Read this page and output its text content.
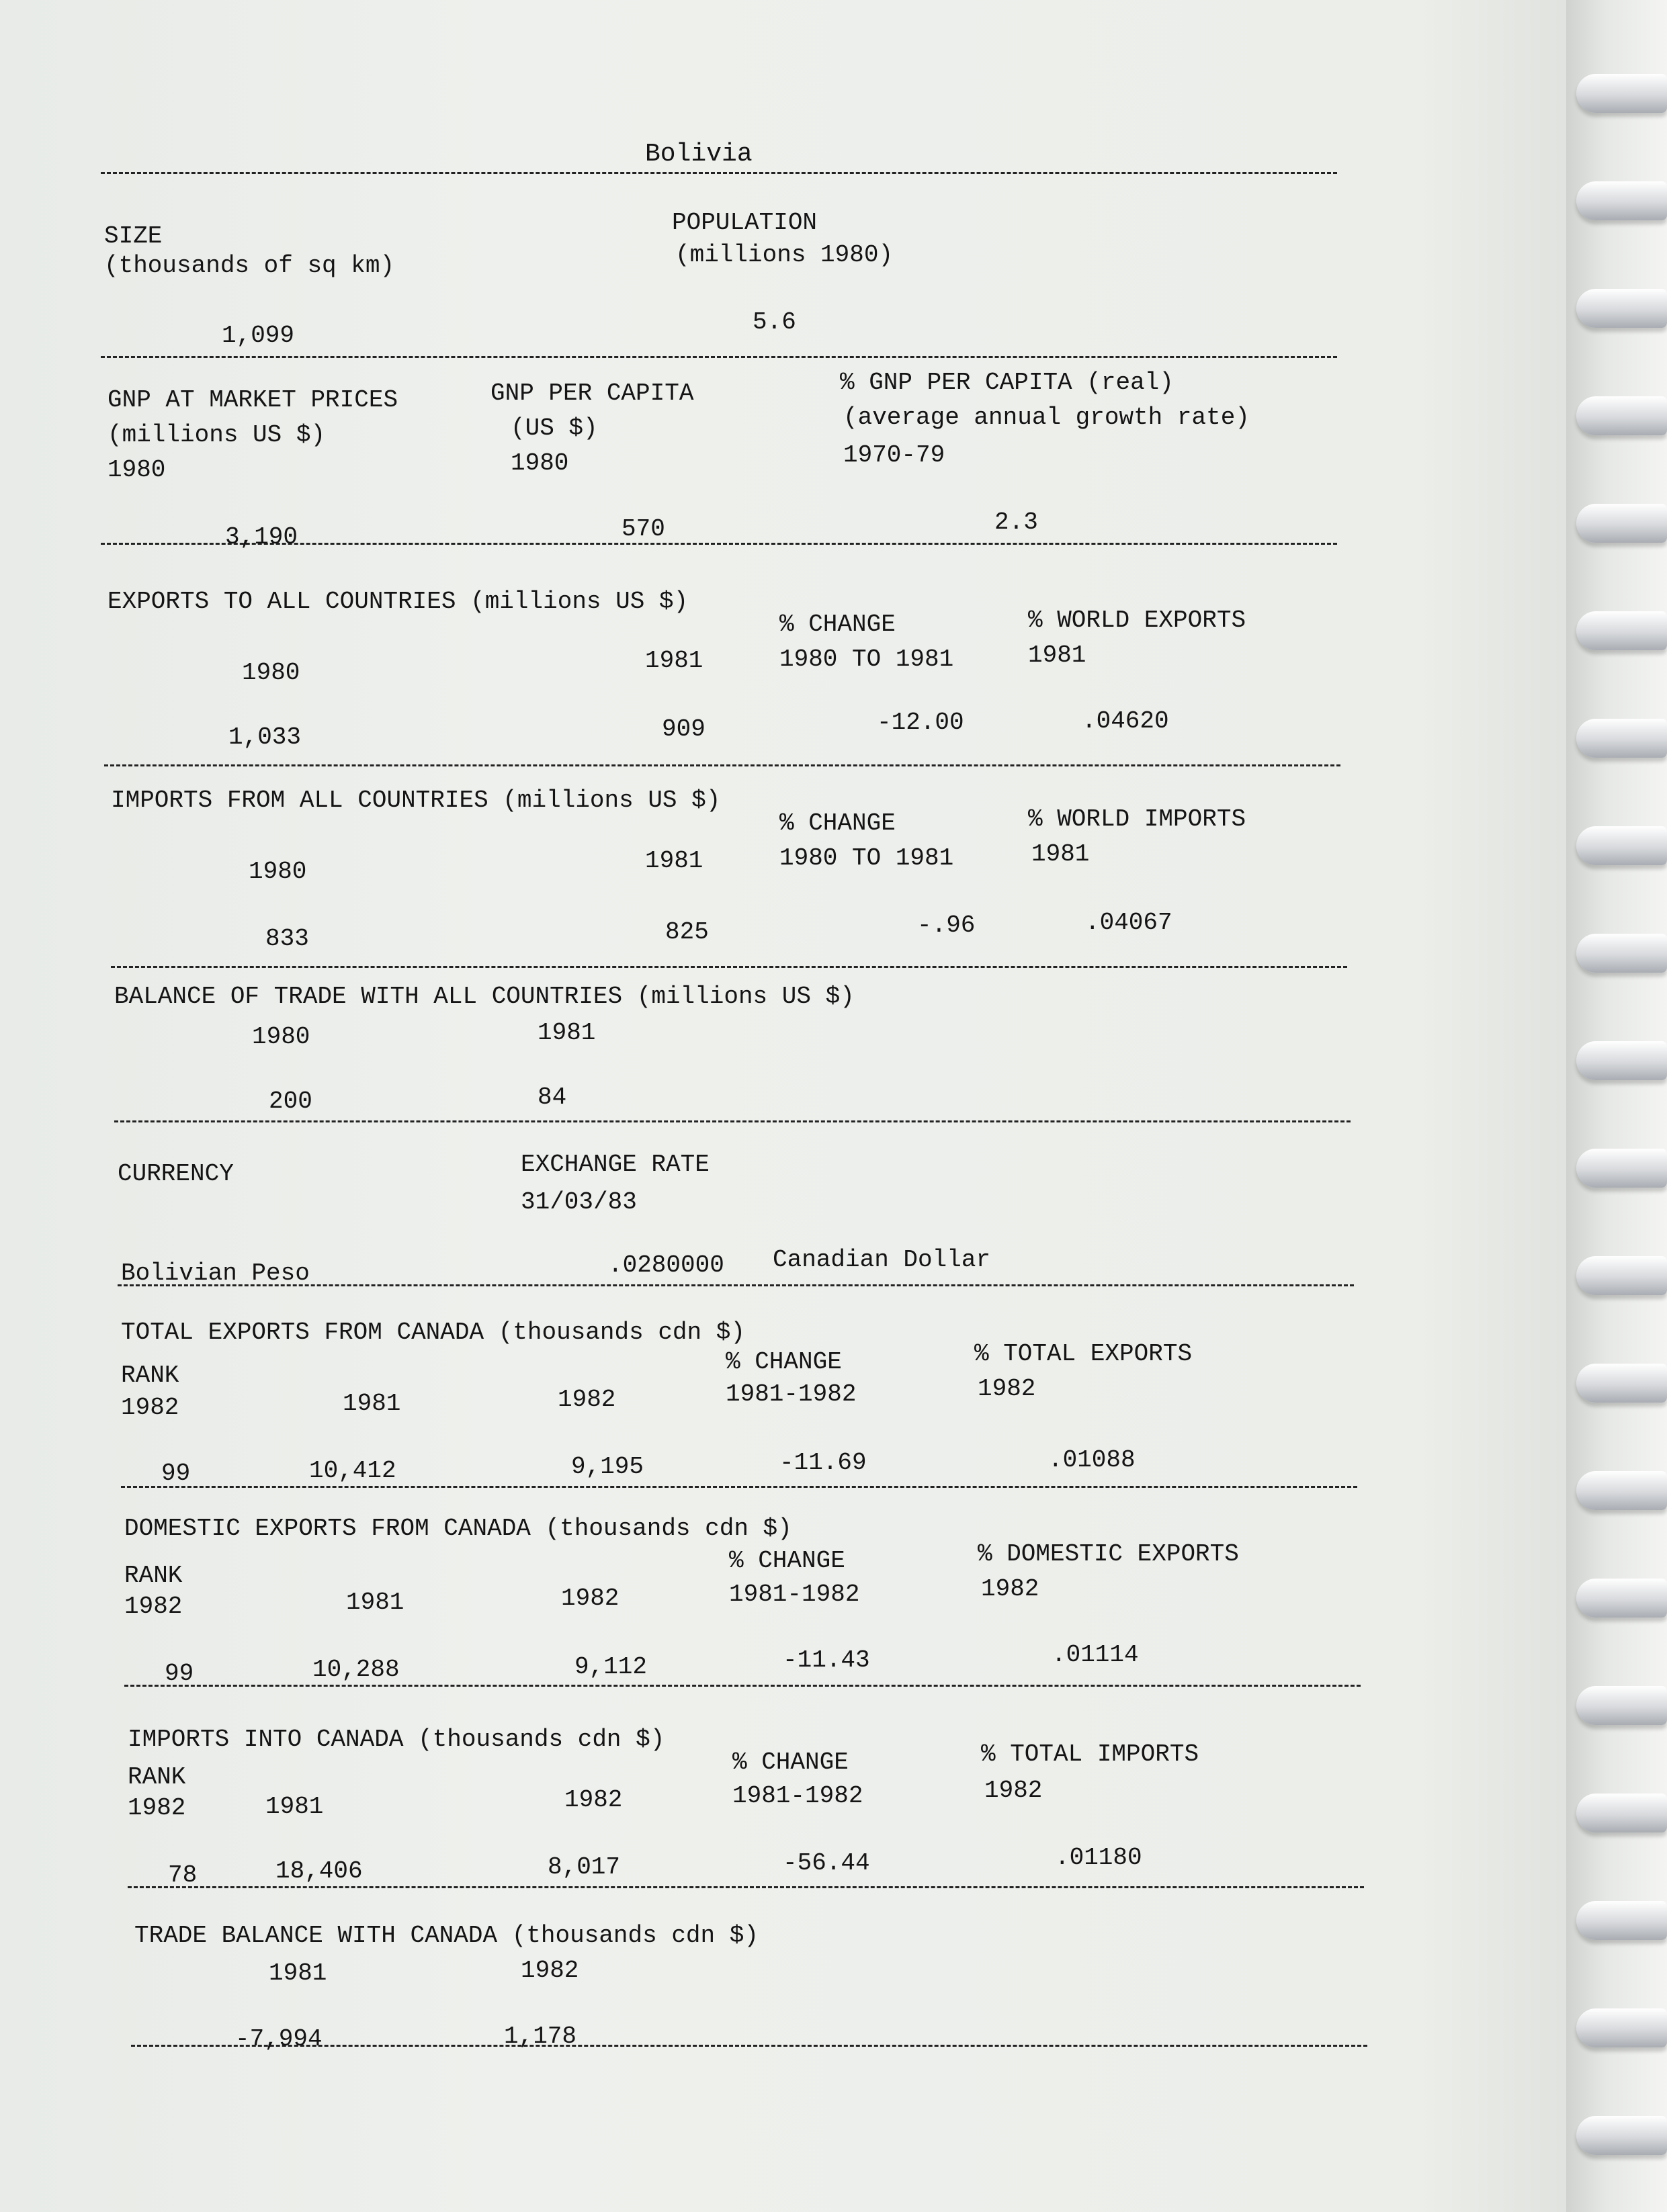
Bolivia
SIZE
(thousands of sq km)
1,099
POPULATION
(millions 1980)
5.6
GNP AT MARKET PRICES
(millions US $)
1980
3,190
GNP PER CAPITA
(US $)
1980
570
% GNP PER CAPITA (real)
(average annual growth rate)
1970-79
2.3
EXPORTS TO ALL COUNTRIES (millions US $)
% CHANGE	% WORLD EXPORTS
1980	1981	1980 TO 1981	1981
1,033	909	-12.00	.04620
IMPORTS FROM ALL COUNTRIES (millions US $)
% CHANGE	% WORLD IMPORTS
1980	1981	1980 TO 1981	1981
833	825	-.96	.04067
BALANCE OF TRADE WITH ALL COUNTRIES (millions US $)
1980	1981
200	84
CURRENCY	EXCHANGE RATE
31/03/83
Bolivian Peso	.0280000 Canadian Dollar
TOTAL EXPORTS FROM CANADA (thousands cdn $)
RANK	% CHANGE	% TOTAL EXPORTS
1982	1981	1982	1981-1982	1982
99	10,412	9,195	-11.69	.01088
DOMESTIC EXPORTS FROM CANADA (thousands cdn $)
RANK
% CHANGE	% DOMESTIC EXPORTS
1982	1981	1982	1981-1982	1982
99	10,288	9,112	-11.43	.01114
IMPORTS INTO CANADA (thousands cdn $)
RANK
% CHANGE	% TOTAL IMPORTS
1982	1981	1982	1981-1982	1982
78	18,406	8,017	-56.44	.01180
TRADE BALANCE WITH CANADA (thousands cdn $)
1981	1982
-7,994	1,178
